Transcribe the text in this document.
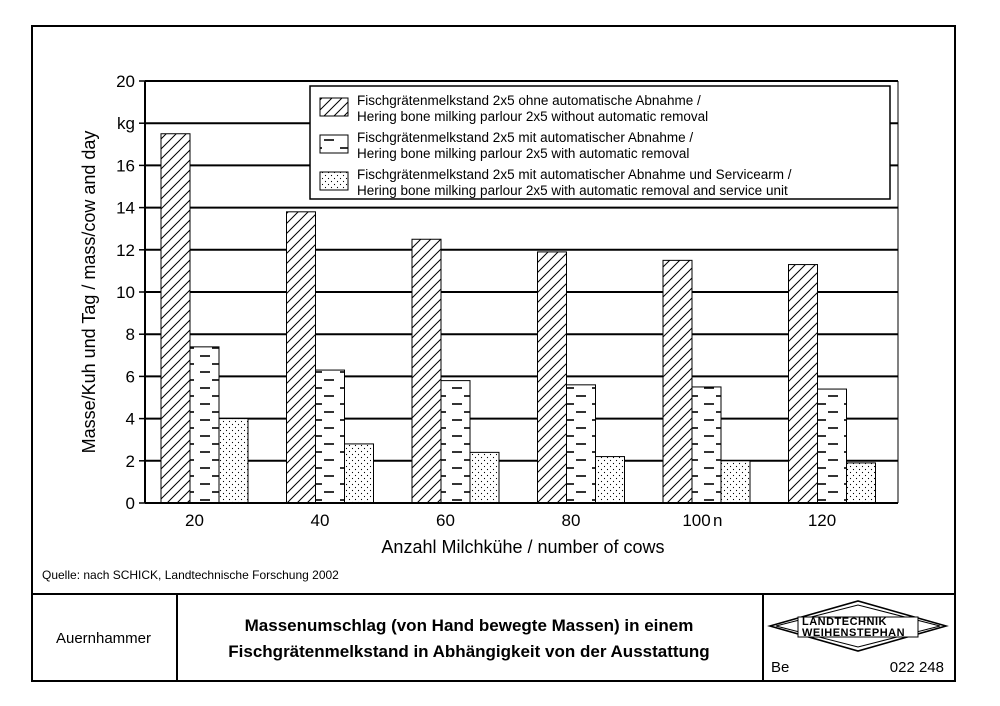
0
2
4
6
8
10
12
14
16
20
kg
20	40	60	80	100	120
n
Anzahl Milchkühe / number of cows
Masse/Kuh und Tag / mass/cow and day
Fischgrätenmelkstand 2x5 ohne automatische Abnahme /
Hering bone milking parlour 2x5 without automatic removal
Fischgrätenmelkstand 2x5 mit automatischer Abnahme /
Hering bone milking parlour 2x5 with automatic removal
Fischgrätenmelkstand 2x5 mit automatischer Abnahme und Servicearm /
Hering bone milking parlour 2x5 with automatic removal and service unit
Quelle: nach SCHICK, Landtechnische Forschung 2002
Auernhammer
Massenumschlag (von Hand bewegte Massen) in einem
Fischgrätenmelkstand in Abhängigkeit von der Ausstattung
LANDTECHNIK
WEIHENSTEPHAN
Be	022 248
